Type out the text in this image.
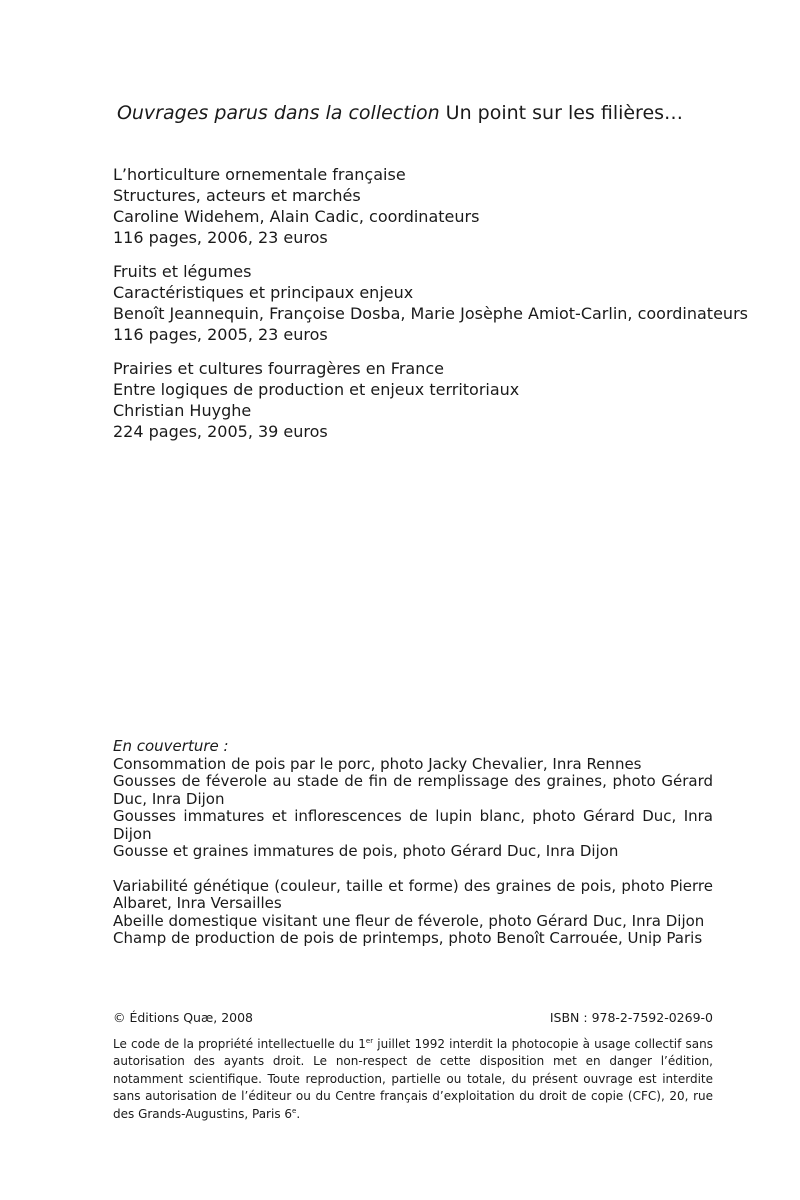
Ouvrages parus dans la collection Un point sur les filières…
L’horticulture ornementale française
Structures, acteurs et marchés
Caroline Widehem, Alain Cadic, coordinateurs
116 pages, 2006, 23 euros
Fruits et légumes
Caractéristiques et principaux enjeux
Benoît Jeannequin, Françoise Dosba, Marie Josèphe Amiot-Carlin, coordinateurs
116 pages, 2005, 23 euros
Prairies et cultures fourragères en France
Entre logiques de production et enjeux territoriaux
Christian Huyghe
224 pages, 2005, 39 euros
En couverture :
Consommation de pois par le porc, photo Jacky Chevalier, Inra Rennes
Gousses de féverole au stade de fin de remplissage des graines, photo Gérard Duc, Inra Dijon
Gousses immatures et inflorescences de lupin blanc, photo Gérard Duc, Inra Dijon
Gousse et graines immatures de pois, photo Gérard Duc, Inra Dijon
Variabilité génétique (couleur, taille et forme) des graines de pois, photo Pierre Albaret, Inra Versailles
Abeille domestique visitant une fleur de féverole, photo Gérard Duc, Inra Dijon
Champ de production de pois de printemps, photo Benoît Carrouée, Unip Paris
© Éditions Quæ, 2008	ISBN : 978-2-7592-0269-0
Le code de la propriété intellectuelle du 1er juillet 1992 interdit la photocopie à usage collectif sans autorisation des ayants droit. Le non-respect de cette disposition met en danger l’édition, notamment scientifique. Toute reproduction, partielle ou totale, du présent ouvrage est interdite sans autorisation de l’éditeur ou du Centre français d’exploitation du droit de copie (CFC), 20, rue des Grands-Augustins, Paris 6e.
